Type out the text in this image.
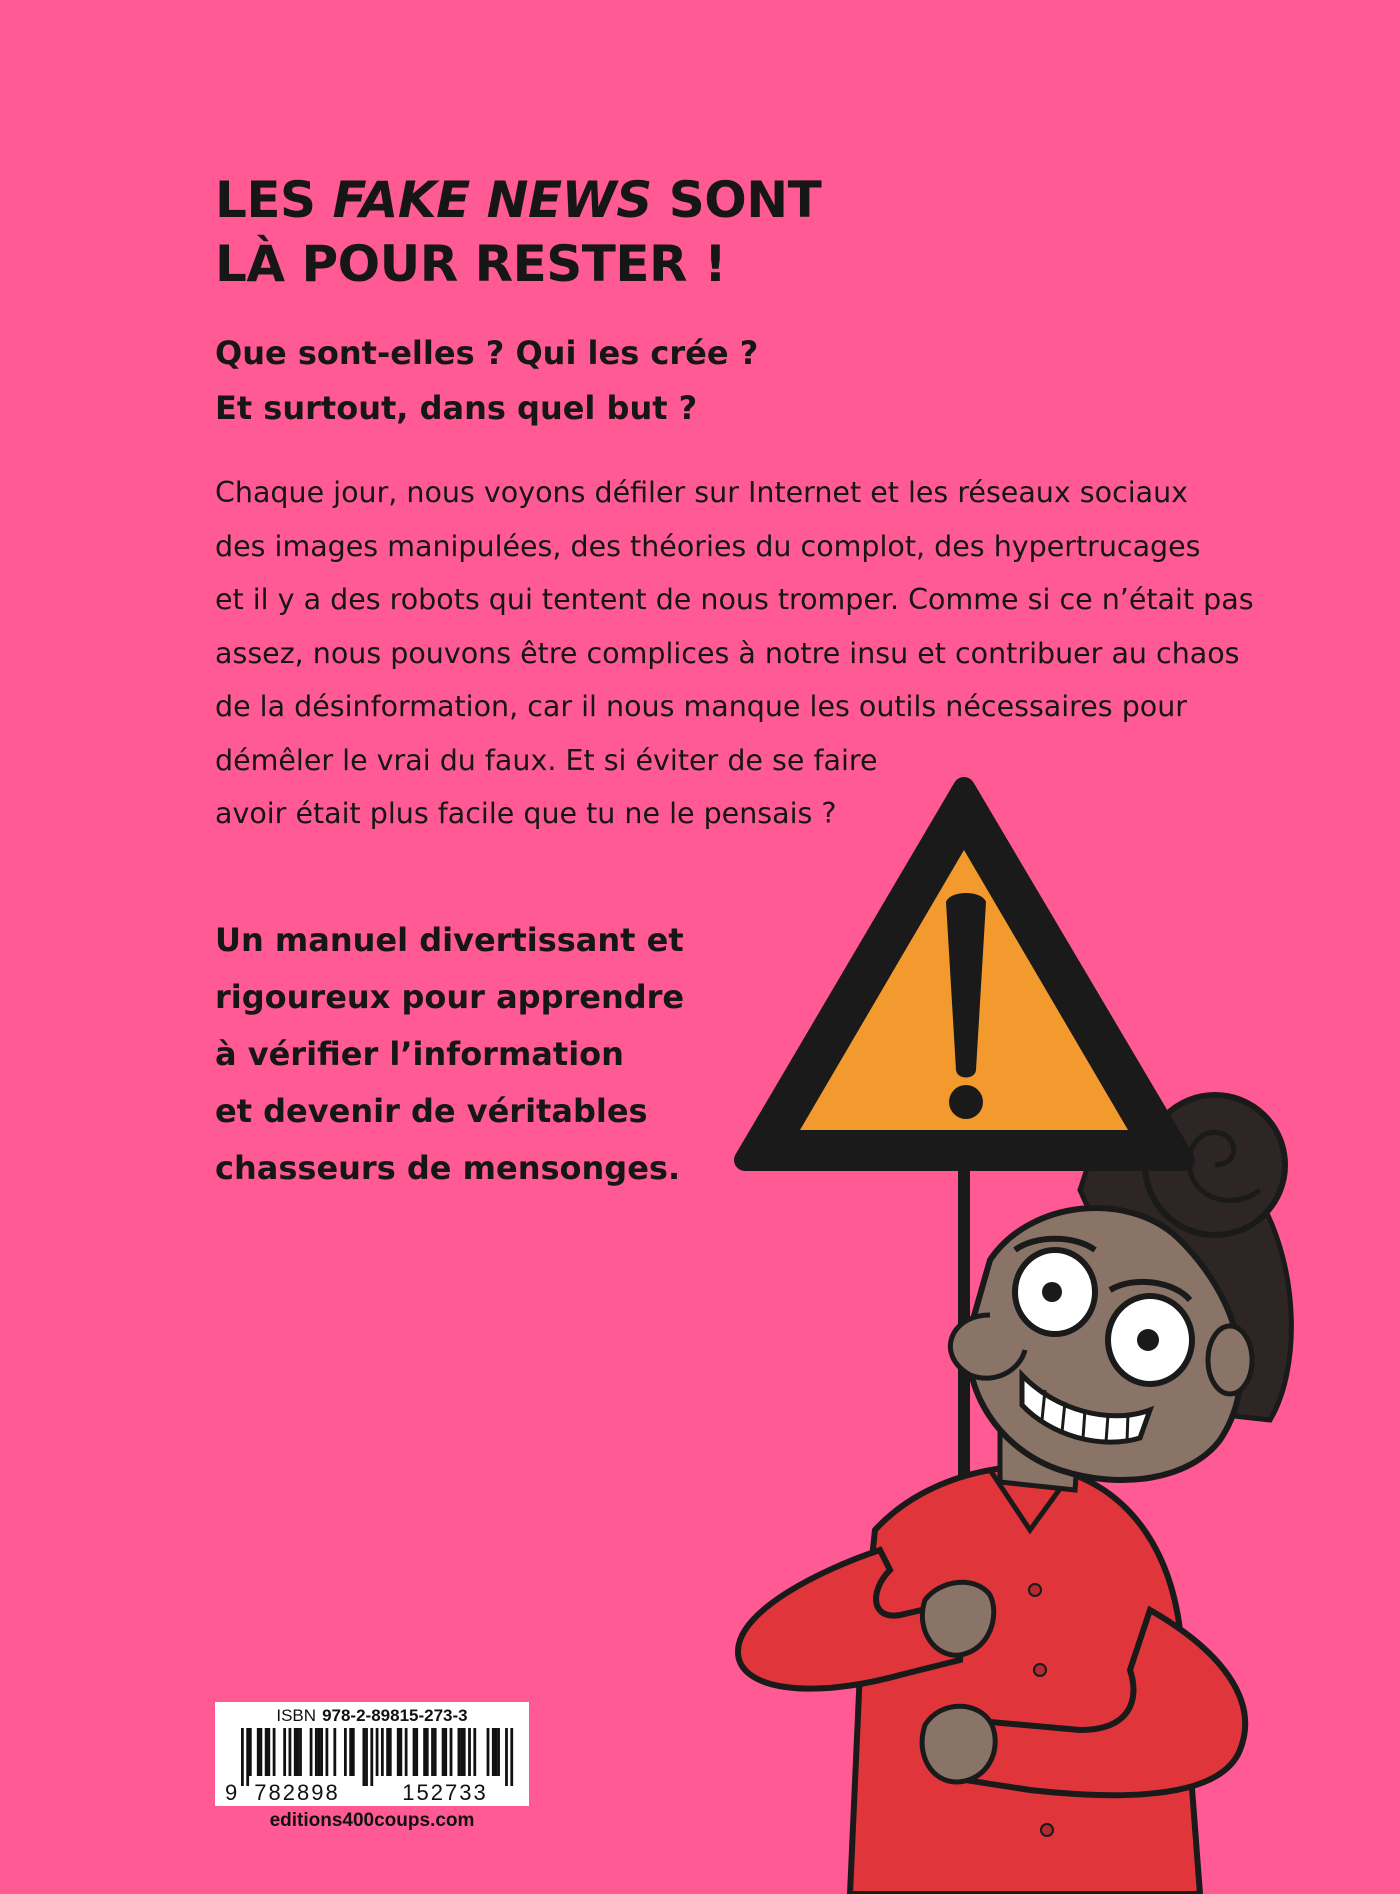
LES FAKE NEWS SONT
LÀ POUR RESTER !
Que sont-elles ? Qui les crée ?
Et surtout, dans quel but ?
Chaque jour, nous voyons défiler sur Internet et les réseaux sociaux
des images manipulées, des théories du complot, des hypertrucages
et il y a des robots qui tentent de nous tromper. Comme si ce n’était pas
assez, nous pouvons être complices à notre insu et contribuer au chaos
de la désinformation, car il nous manque les outils nécessaires pour
démêler le vrai du faux. Et si éviter de se faire
avoir était plus facile que tu ne le pensais ?
Un manuel divertissant et
rigoureux pour apprendre
à vérifier l’information
et devenir de véritables
chasseurs de mensonges.
ISBN 978-2-89815-273-3
9 782898	152733
editions400coups.com
